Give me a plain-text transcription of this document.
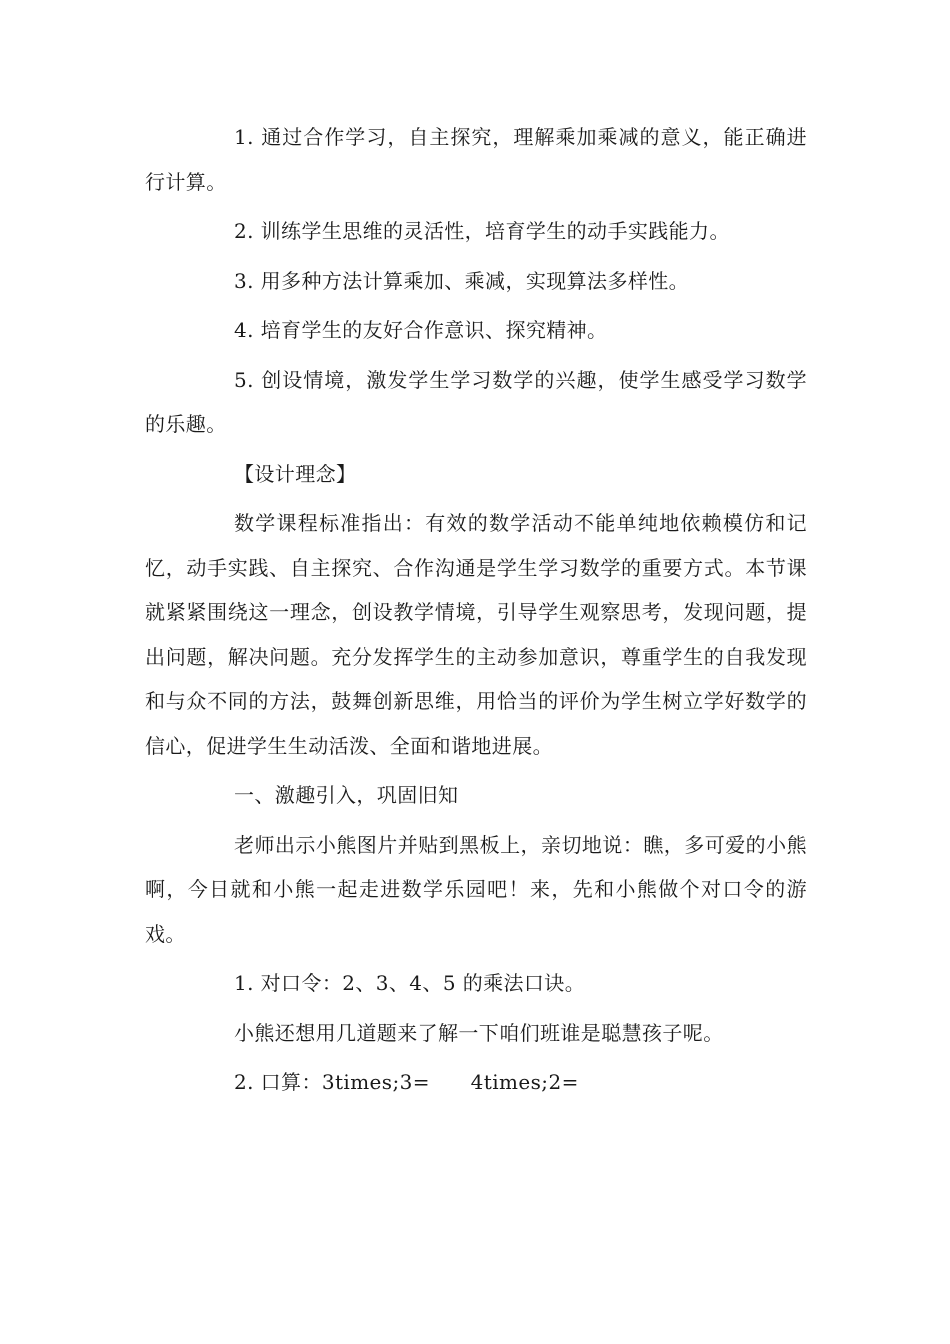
1. 通过合作学习，自主探究，理解乘加乘减的意义，能正确进行计算。

2. 训练学生思维的灵活性，培育学生的动手实践能力。

3. 用多种方法计算乘加、乘减，实现算法多样性。

4. 培育学生的友好合作意识、探究精神。

5. 创设情境，激发学生学习数学的兴趣，使学生感受学习数学的乐趣。

【设计理念】

数学课程标准指出：有效的数学活动不能单纯地依赖模仿和记忆，动手实践、自主探究、合作沟通是学生学习数学的重要方式。本节课就紧紧围绕这一理念，创设教学情境，引导学生观察思考，发现问题，提出问题，解决问题。充分发挥学生的主动参加意识，尊重学生的自我发现和与众不同的方法，鼓舞创新思维，用恰当的评价为学生树立学好数学的信心，促进学生生动活泼、全面和谐地进展。

一、激趣引入，巩固旧知

老师出示小熊图片并贴到黑板上，亲切地说：瞧，多可爱的小熊啊，今日就和小熊一起走进数学乐园吧！来，先和小熊做个对口令的游戏。

1. 对口令：2、3、4、5 的乘法口诀。

小熊还想用几道题来了解一下咱们班谁是聪慧孩子呢。

2. 口算：3times;3=　　4times;2=
